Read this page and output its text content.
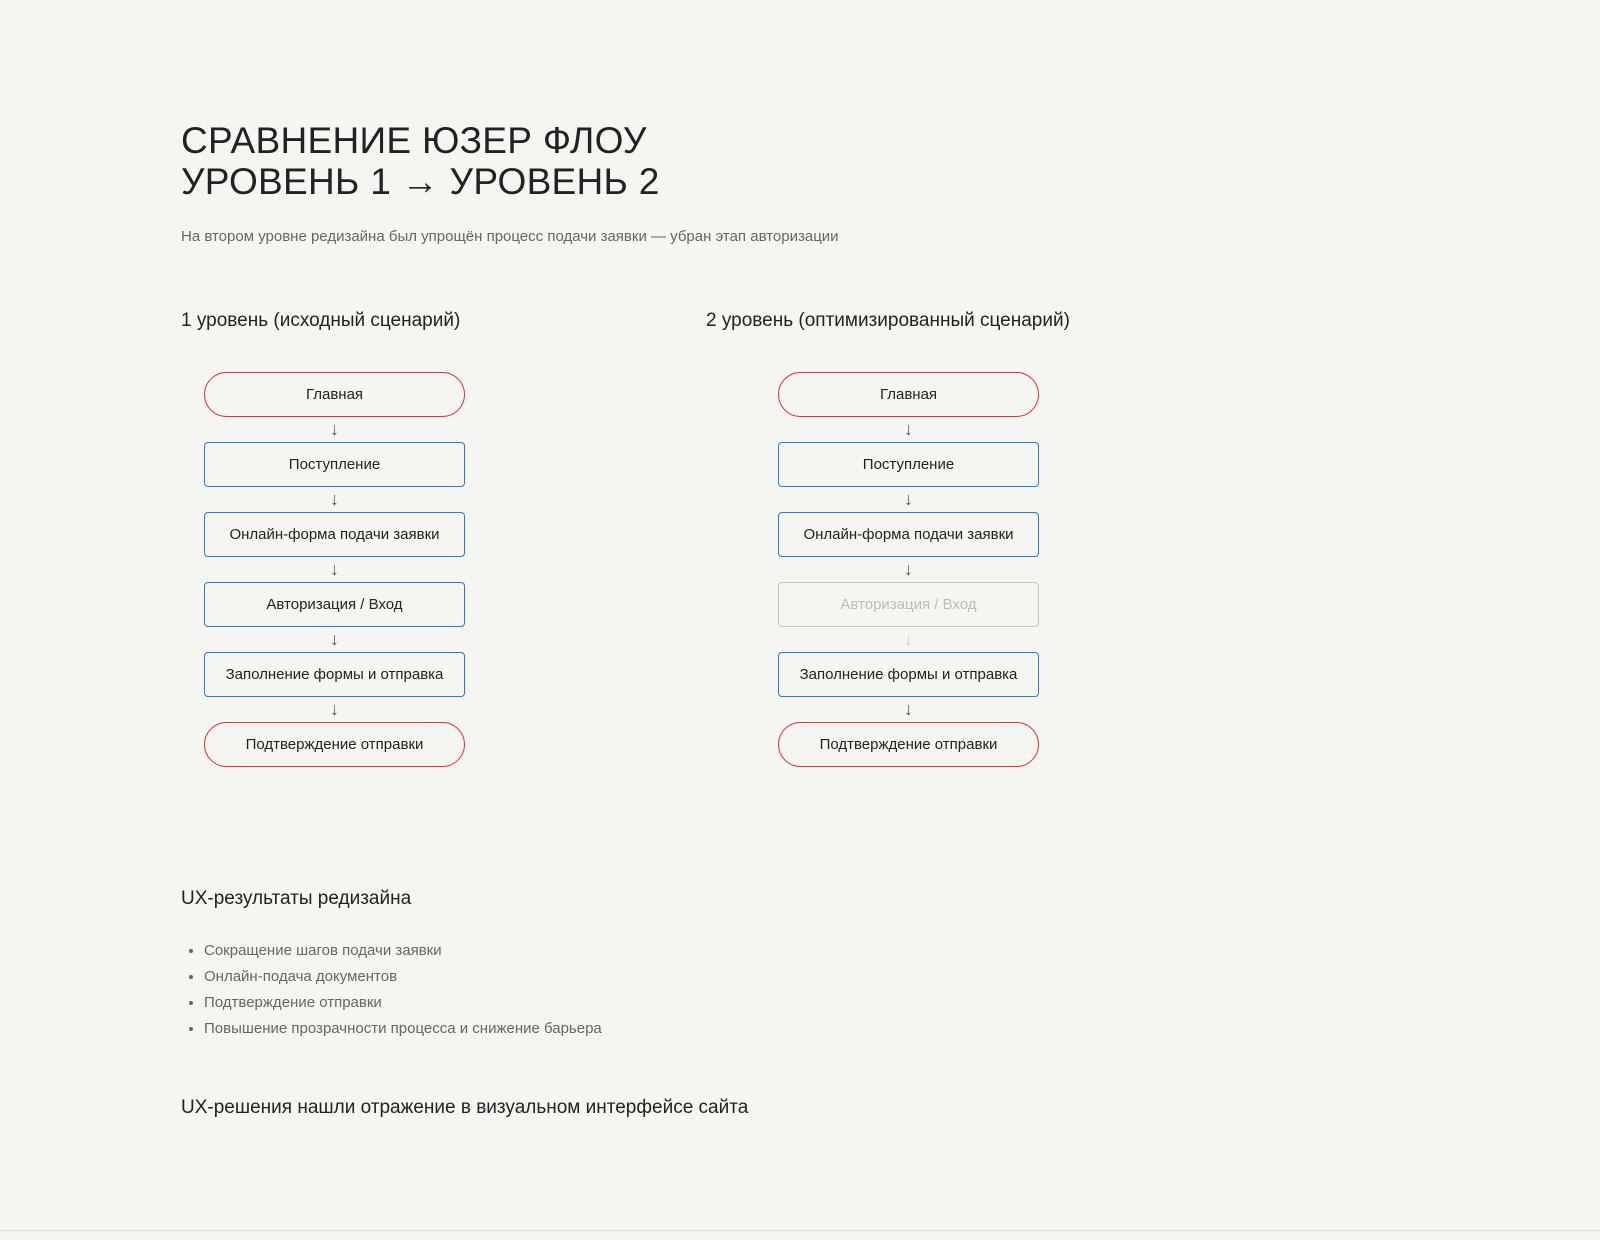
СРАВНЕНИЕ ЮЗЕР ФЛОУ
УРОВЕНЬ 1 → УРОВЕНЬ 2
На втором уровне редизайна был упрощён процесс подачи заявки — убран этап авторизации
1 уровень (исходный сценарий)	2 уровень (оптимизированный сценарий)
Главная
↓
Поступление
↓
Онлайн-форма подачи заявки
↓
Авторизация / Вход
↓
Заполнение формы и отправка
↓
Подтверждение отправки
Главная
↓
Поступление
↓
Онлайн-форма подачи заявки
↓
Авторизация / Вход
↓
Заполнение формы и отправка
↓
Подтверждение отправки
UX-результаты редизайна
• Сокращение шагов подачи заявки
• Онлайн-подача документов
• Подтверждение отправки
• Повышение прозрачности процесса и снижение барьера
UX-решения нашли отражение в визуальном интерфейсе сайта
